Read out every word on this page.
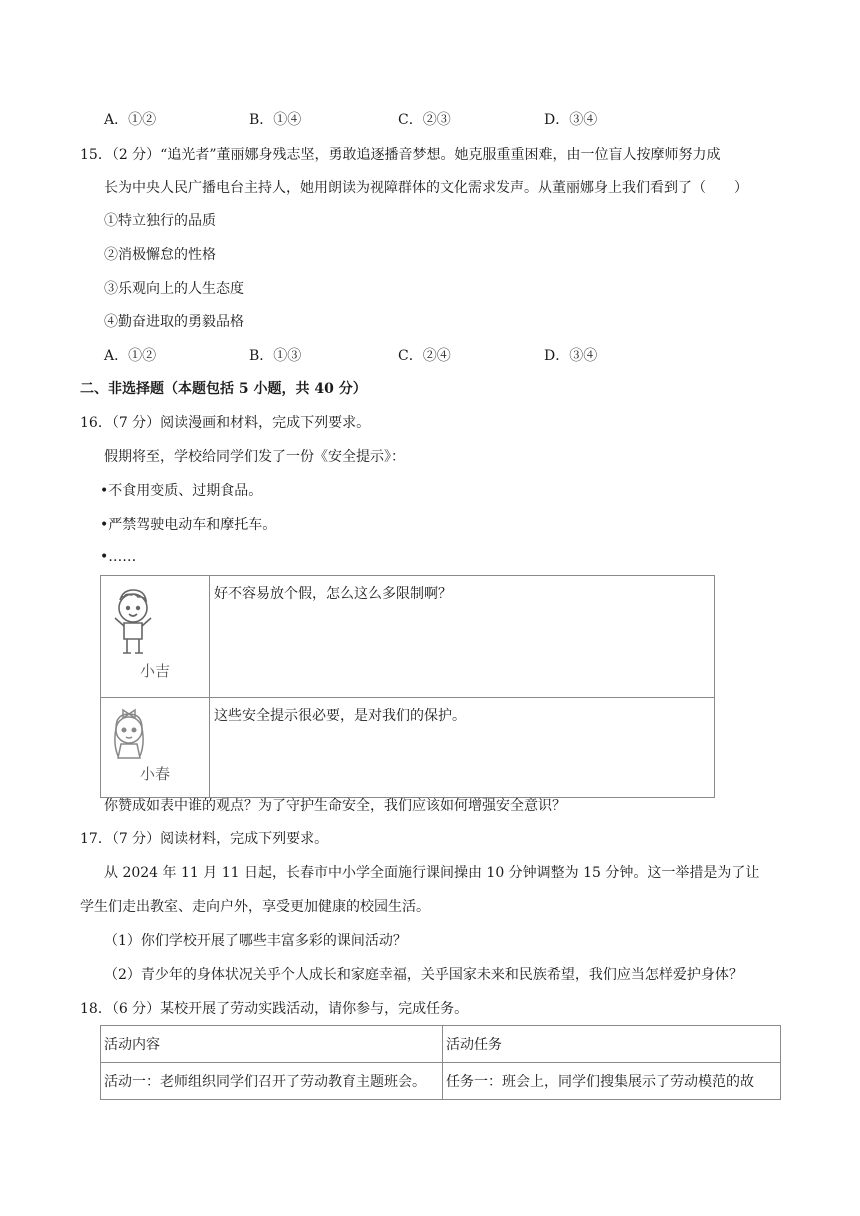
A．①②	B．①④	C．②③	D．③④
15．（2 分）“追光者”董丽娜身残志坚，勇敢追逐播音梦想。她克服重重困难，由一位盲人按摩师努力成
长为中央人民广播电台主持人，她用朗读为视障群体的文化需求发声。从董丽娜身上我们看到了（　　）
①特立独行的品质
②消极懈怠的性格
③乐观向上的人生态度
④勤奋进取的勇毅品格
A．①②	B．①③	C．②④	D．③④
二、非选择题（本题包括 5 小题，共 40 分）
16．（7 分）阅读漫画和材料，完成下列要求。
假期将至，学校给同学们发了一份《安全提示》：
•不食用变质、过期食品。
•严禁驾驶电动车和摩托车。
•……
小吉	好不容易放个假，怎么这么多限制啊？

小春	这些安全提示很必要，是对我们的保护。
你赞成如表中谁的观点？为了守护生命安全，我们应该如何增强安全意识？
17．（7 分）阅读材料，完成下列要求。
从 2024 年 11 月 11 日起，长春市中小学全面施行课间操由 10 分钟调整为 15 分钟。这一举措是为了让
学生们走出教室、走向户外，享受更加健康的校园生活。
（1）你们学校开展了哪些丰富多彩的课间活动？
（2）青少年的身体状况关乎个人成长和家庭幸福，关乎国家未来和民族希望，我们应当怎样爱护身体？
18．（6 分）某校开展了劳动实践活动，请你参与，完成任务。
活动内容	活动任务
活动一：老师组织同学们召开了劳动教育主题班会。	任务一：班会上，同学们搜集展示了劳动模范的故
